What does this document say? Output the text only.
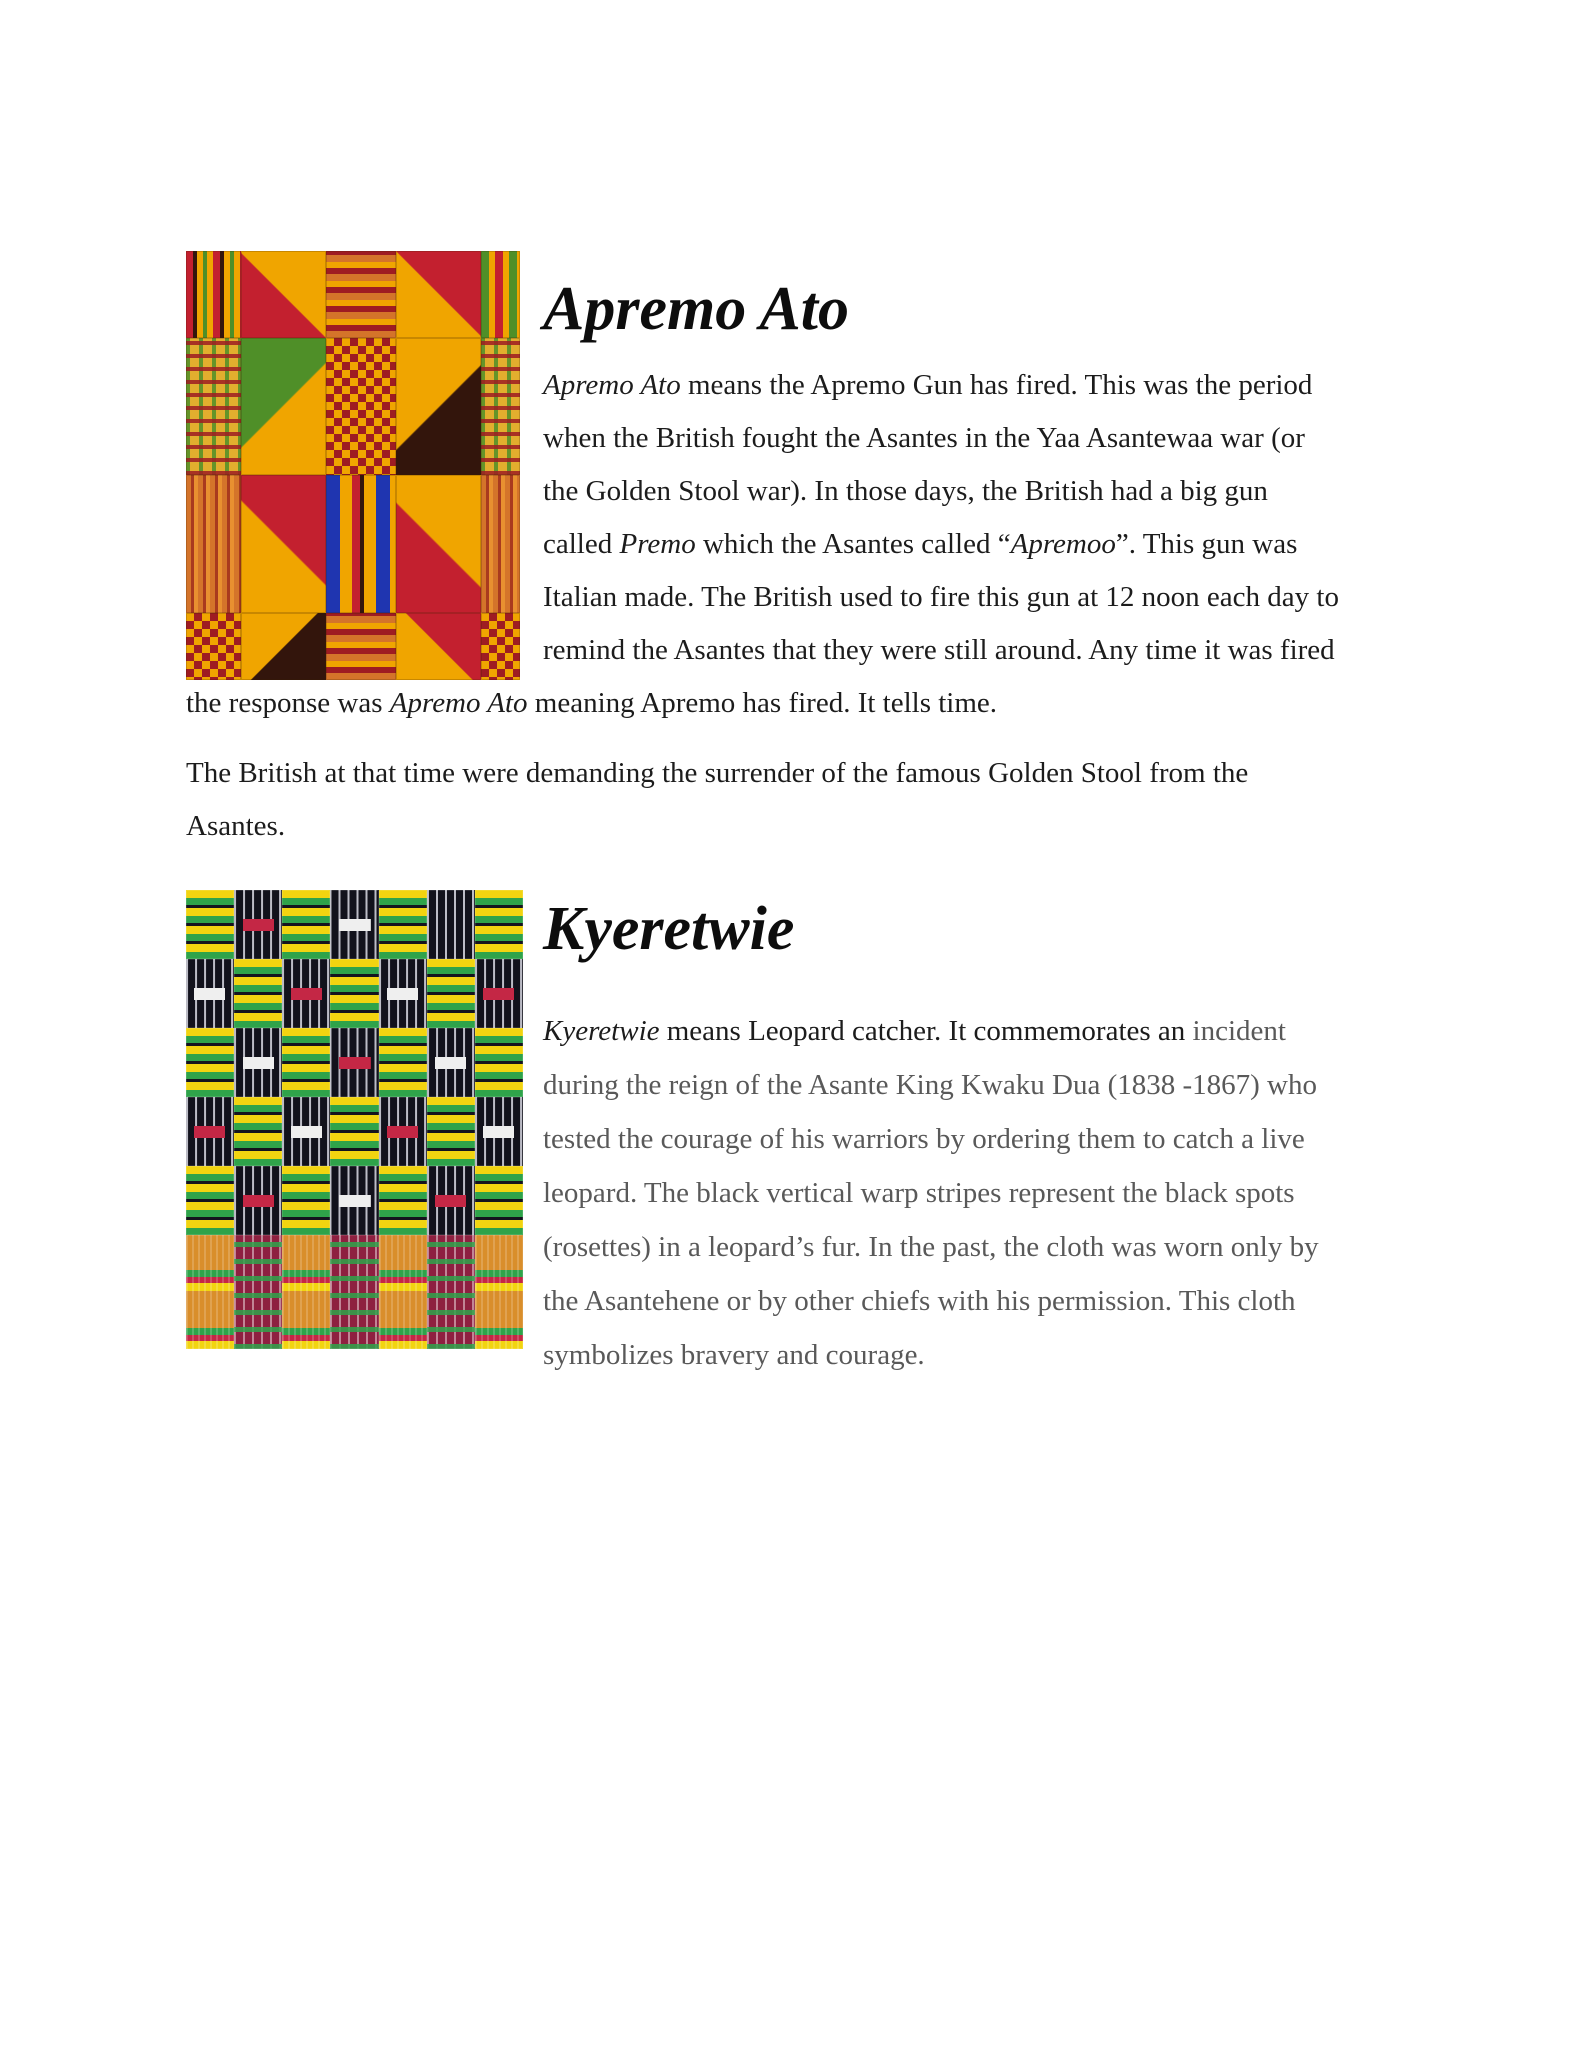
Apremo Ato
Apremo Ato means the Apremo Gun has fired. This was the period
when the British fought the Asantes in the Yaa Asantewaa war (or
the Golden Stool war). In those days, the British had a big gun
called Premo which the Asantes called “Apremoo”. This gun was
Italian made. The British used to fire this gun at 12 noon each day to
remind the Asantes that they were still around. Any time it was fired
the response was Apremo Ato meaning Apremo has fired. It tells time.
The British at that time were demanding the surrender of the famous Golden Stool from the
Asantes.
Kyeretwie
Kyeretwie means Leopard catcher. It commemorates an incident
during the reign of the Asante King Kwaku Dua (1838 -1867) who
tested the courage of his warriors by ordering them to catch a live
leopard. The black vertical warp stripes represent the black spots
(rosettes) in a leopard’s fur. In the past, the cloth was worn only by
the Asantehene or by other chiefs with his permission. This cloth
symbolizes bravery and courage.
